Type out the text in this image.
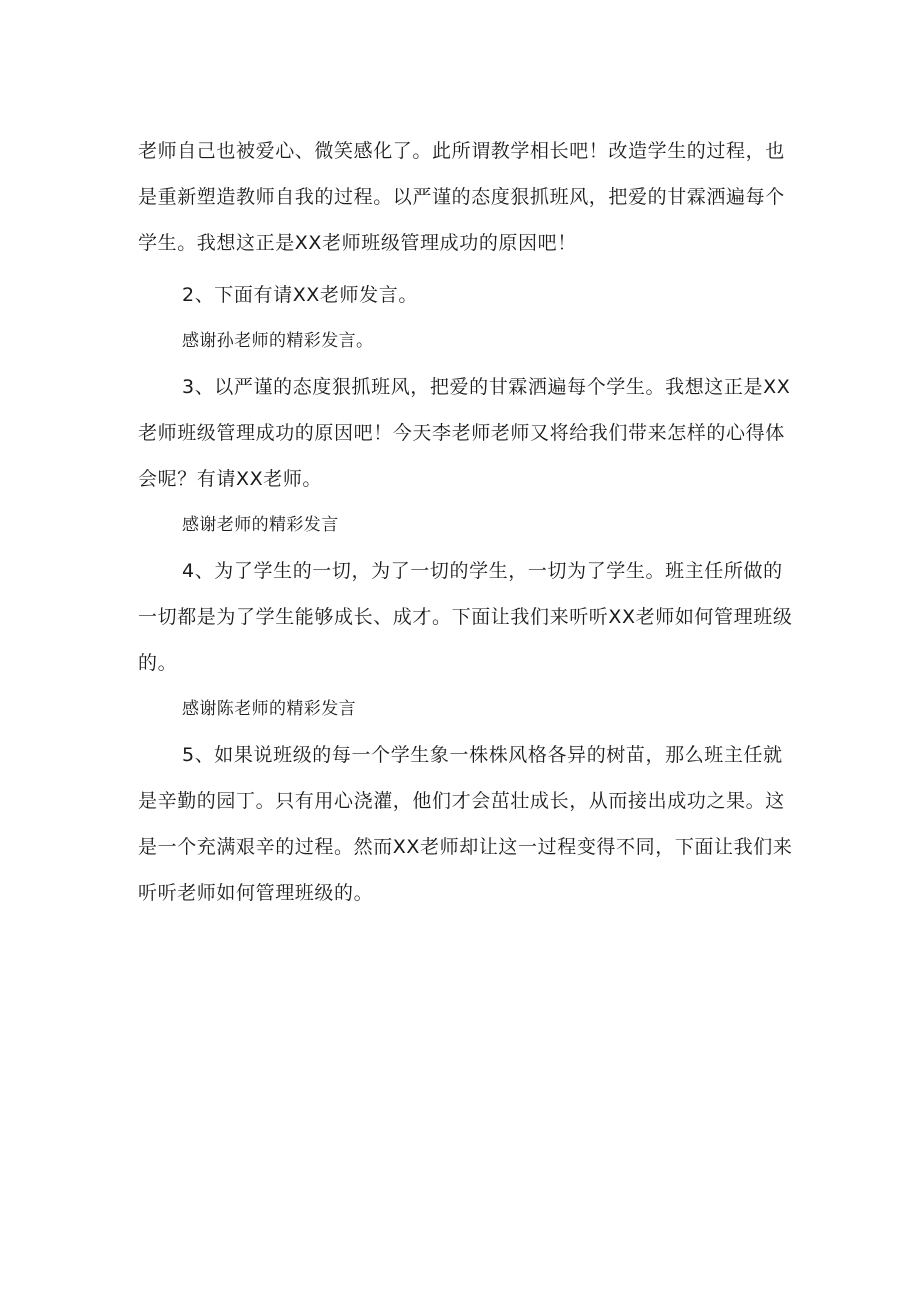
老师自己也被爱心、微笑感化了。此所谓教学相长吧！改造学生的过程，也是重新塑造教师自我的过程。以严谨的态度狠抓班风，把爱的甘霖洒遍每个学生。我想这正是XX老师班级管理成功的原因吧！

2、下面有请XX老师发言。

感谢孙老师的精彩发言。

3、以严谨的态度狠抓班风，把爱的甘霖洒遍每个学生。我想这正是XX老师班级管理成功的原因吧！今天李老师老师又将给我们带来怎样的心得体会呢？有请XX老师。

感谢老师的精彩发言

4、为了学生的一切，为了一切的学生，一切为了学生。班主任所做的一切都是为了学生能够成长、成才。下面让我们来听听XX老师如何管理班级的。

感谢陈老师的精彩发言

5、如果说班级的每一个学生象一株株风格各异的树苗，那么班主任就是辛勤的园丁。只有用心浇灌，他们才会茁壮成长，从而接出成功之果。这是一个充满艰辛的过程。然而XX老师却让这一过程变得不同，下面让我们来听听老师如何管理班级的。
